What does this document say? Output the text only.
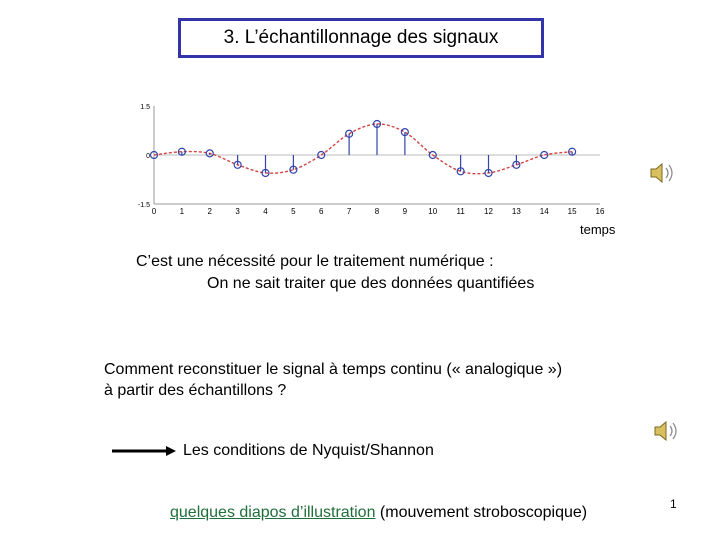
3. L’échantillonnage des signaux
0	1	2	3	4	5	6	7	8	9	10 11 12 13 14 15 16
1.5
0
-1.5
temps
C’est une nécessité pour le traitement numérique :
On ne sait traiter que des données quantifiées
Comment reconstituer le signal à temps continu (« analogique »)
à partir des échantillons ?
Les conditions de Nyquist/Shannon
quelques diapos d’illustration (mouvement stroboscopique)	1
